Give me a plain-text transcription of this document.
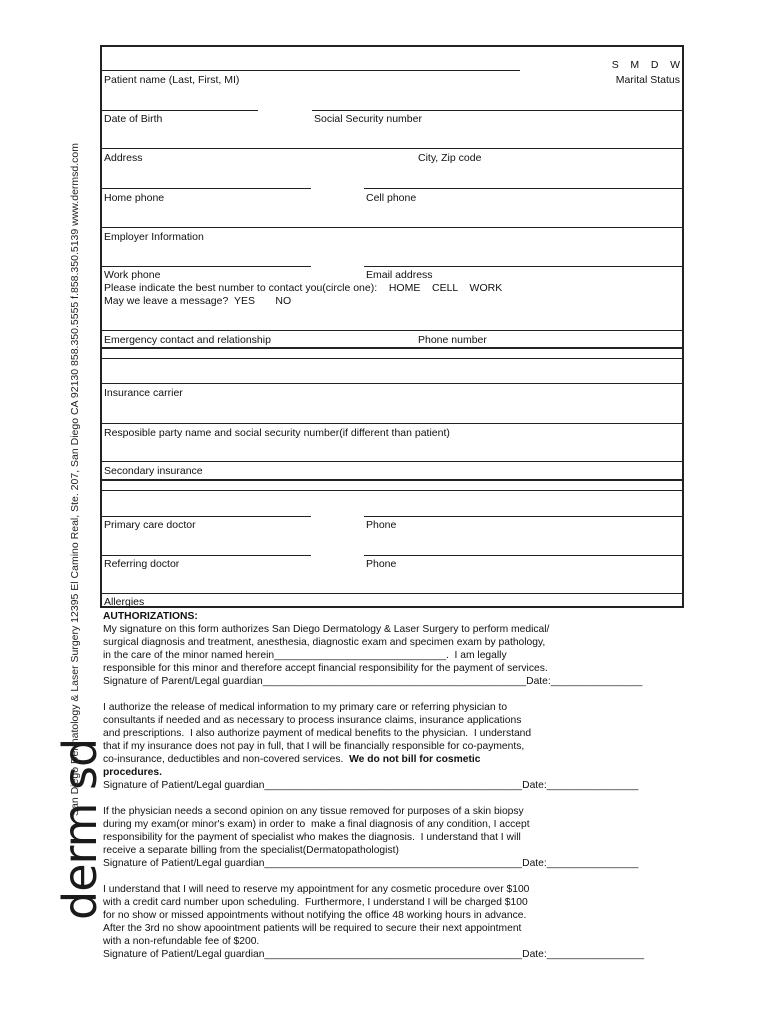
derm sd
San Diego Dermatology & Laser Surgery 12395 El Camino Real, Ste. 207, San Diego CA 92130 858.350.5555 f.858.350.5139 www.dermsd.com
Patient name (Last, First, MI)
S    M    D    W
Marital Status
Date of Birth	Social Security number
Address	City, Zip code
Home phone	Cell phone
Employer Information
Work phone	Email address
Please indicate the best number to contact you(circle one):    HOME    CELL    WORK
May we leave a message?  YES       NO
Emergency contact and relationship	Phone number
Insurance carrier
Resposible party name and social security number(if different than patient)
Secondary insurance
Primary care doctor	Phone
Referring doctor	Phone
Allergies

AUTHORIZATIONS:

My signature on this form authorizes San Diego Dermatology & Laser Surgery to perform medical/

surgical diagnosis and treatment, anesthesia, diagnostic exam and specimen exam by pathology,

in the care of the minor named herein______________________________.  I am legally

responsible for this minor and therefore accept financial responsibility for the payment of services.

Signature of Parent/Legal guardian______________________________________________Date:________________

I authorize the release of medical information to my primary care or referring physician to

consultants if needed and as necessary to process insurance claims, insurance applications

and prescriptions.  I also authorize payment of medical benefits to the physician.  I understand

that if my insurance does not pay in full, that I will be financially responsible for co-payments,

co-insurance, deductibles and non-covered services.  We do not bill for cosmetic

procedures.

Signature of Patient/Legal guardian_____________________________________________Date:________________

If the physician needs a second opinion on any tissue removed for purposes of a skin biopsy

during my exam(or minor's exam) in order to  make a final diagnosis of any condition, I accept

responsibility for the payment of specialist who makes the diagnosis.  I understand that I will

receive a separate billing from the specialist(Dermatopathologist)

Signature of Patient/Legal guardian_____________________________________________Date:________________

I understand that I will need to reserve my appointment for any cosmetic procedure over $100

with a credit card number upon scheduling.  Furthermore, I understand I will be charged $100

for no show or missed appointments without notifying the office 48 working hours in advance.

After the 3rd no show apoointment patients will be required to secure their next appointment

with a non-refundable fee of $200.

Signature of Patient/Legal guardian_____________________________________________Date:_________________
